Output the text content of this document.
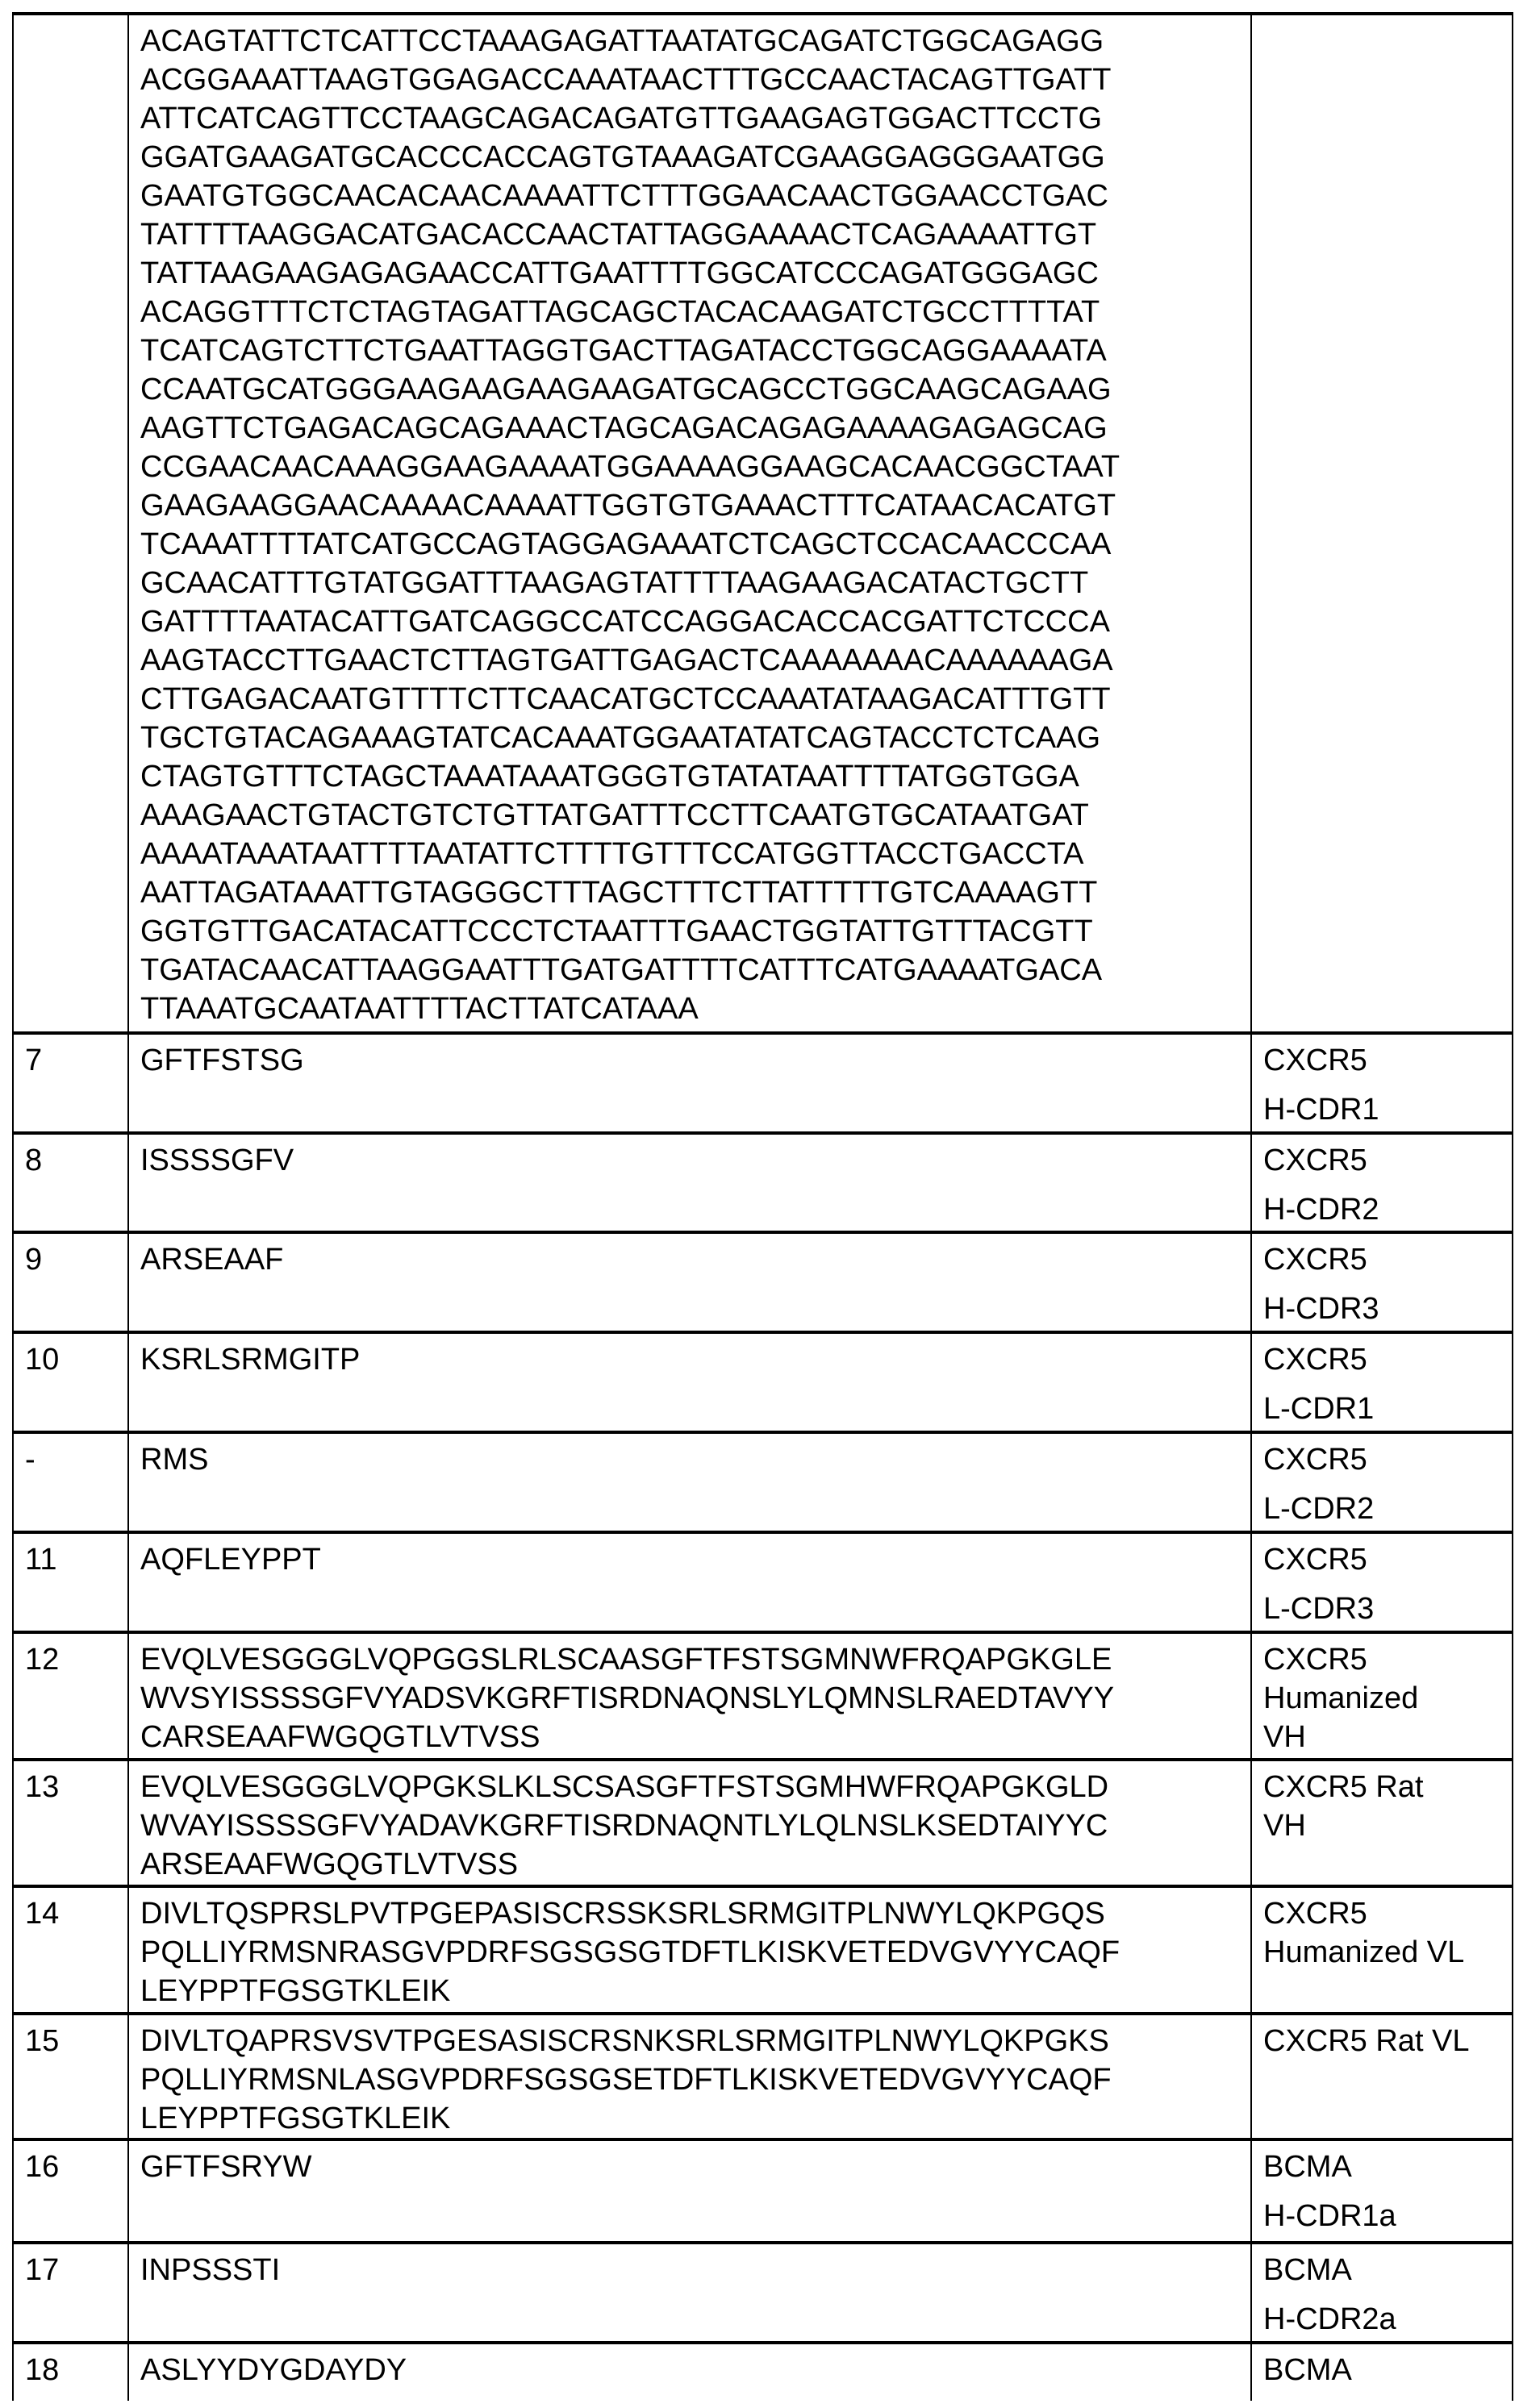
ACAGTATTCTCATTCCTAAAGAGATTAATATGCAGATCTGGCAGAGG
ACGGAAATTAAGTGGAGACCAAATAACTTTGCCAACTACAGTTGATT
ATTCATCAGTTCCTAAGCAGACAGATGTTGAAGAGTGGACTTCCTG
GGATGAAGATGCACCCACCAGTGTAAAGATCGAAGGAGGGAATGG
GAATGTGGCAACACAACAAAATTCTTTGGAACAACTGGAACCTGAC
TATTTTAAGGACATGACACCAACTATTAGGAAAACTCAGAAAATTGT
TATTAAGAAGAGAGAACCATTGAATTTTGGCATCCCAGATGGGAGC
ACAGGTTTCTCTAGTAGATTAGCAGCTACACAAGATCTGCCTTTTAT
TCATCAGTCTTCTGAATTAGGTGACTTAGATACCTGGCAGGAAAATA
CCAATGCATGGGAAGAAGAAGAAGATGCAGCCTGGCAAGCAGAAG
AAGTTCTGAGACAGCAGAAACTAGCAGACAGAGAAAAGAGAGCAG
CCGAACAACAAAGGAAGAAAATGGAAAAGGAAGCACAACGGCTAAT
GAAGAAGGAACAAAACAAAATTGGTGTGAAACTTTCATAACACATGT
TCAAATTTTATCATGCCAGTAGGAGAAATCTCAGCTCCACAACCCAA
GCAACATTTGTATGGATTTAAGAGTATTTTAAGAAGACATACTGCTT
GATTTTAATACATTGATCAGGCCATCCAGGACACCACGATTCTCCCA
AAGTACCTTGAACTCTTAGTGATTGAGACTCAAAAAAACAAAAAAGA
CTTGAGACAATGTTTTCTTCAACATGCTCCAAATATAAGACATTTGTT
TGCTGTACAGAAAGTATCACAAATGGAATATATCAGTACCTCTCAAG
CTAGTGTTTCTAGCTAAATAAATGGGTGTATATAATTTTATGGTGGA
AAAGAACTGTACTGTCTGTTATGATTTCCTTCAATGTGCATAATGAT
AAAATAAATAATTTTAATATTCTTTTGTTTCCATGGTTACCTGACCTA
AATTAGATAAATTGTAGGGCTTTAGCTTTCTTATTTTTGTCAAAAGTT
GGTGTTGACATACATTCCCTCTAATTTGAACTGGTATTGTTTACGTT
TGATACAACATTAAGGAATTTGATGATTTTCATTTCATGAAAATGACA
TTAAATGCAATAATTTTACTTATCATAAA
7	GFTFSTSG	CXCR5
H-CDR1
8	ISSSSGFV	CXCR5
H-CDR2
9	ARSEAAF	CXCR5
H-CDR3
10	KSRLSRMGITP	CXCR5
L-CDR1
-	RMS	CXCR5
L-CDR2
11	AQFLEYPPT	CXCR5
L-CDR3
12	EVQLVESGGGLVQPGGSLRLSCAASGFTFSTSGMNWFRQAPGKGLE
WVSYISSSSGFVYADSVKGRFTISRDNAQNSLYLQMNSLRAEDTAVYY
CARSEAAFWGQGTLVTVSS
CXCR5
Humanized
VH
13	EVQLVESGGGLVQPGKSLKLSCSASGFTFSTSGMHWFRQAPGKGLD
WVAYISSSSGFVYADAVKGRFTISRDNAQNTLYLQLNSLKSEDTAIYYC
ARSEAAFWGQGTLVTVSS
CXCR5 Rat
VH
14	DIVLTQSPRSLPVTPGEPASISCRSSKSRLSRMGITPLNWYLQKPGQS
PQLLIYRMSNRASGVPDRFSGSGSGTDFTLKISKVETEDVGVYYCAQF
LEYPPTFGSGTKLEIK
CXCR5
Humanized VL
15	DIVLTQAPRSVSVTPGESASISCRSNKSRLSRMGITPLNWYLQKPGKS
PQLLIYRMSNLASGVPDRFSGSGSETDFTLKISKVETEDVGVYYCAQF
LEYPPTFGSGTKLEIK
CXCR5 Rat VL
16	GFTFSRYW	BCMA
H-CDR1a
17	INPSSSTI	BCMA
H-CDR2a
18	ASLYYDYGDAYDY	BCMA
